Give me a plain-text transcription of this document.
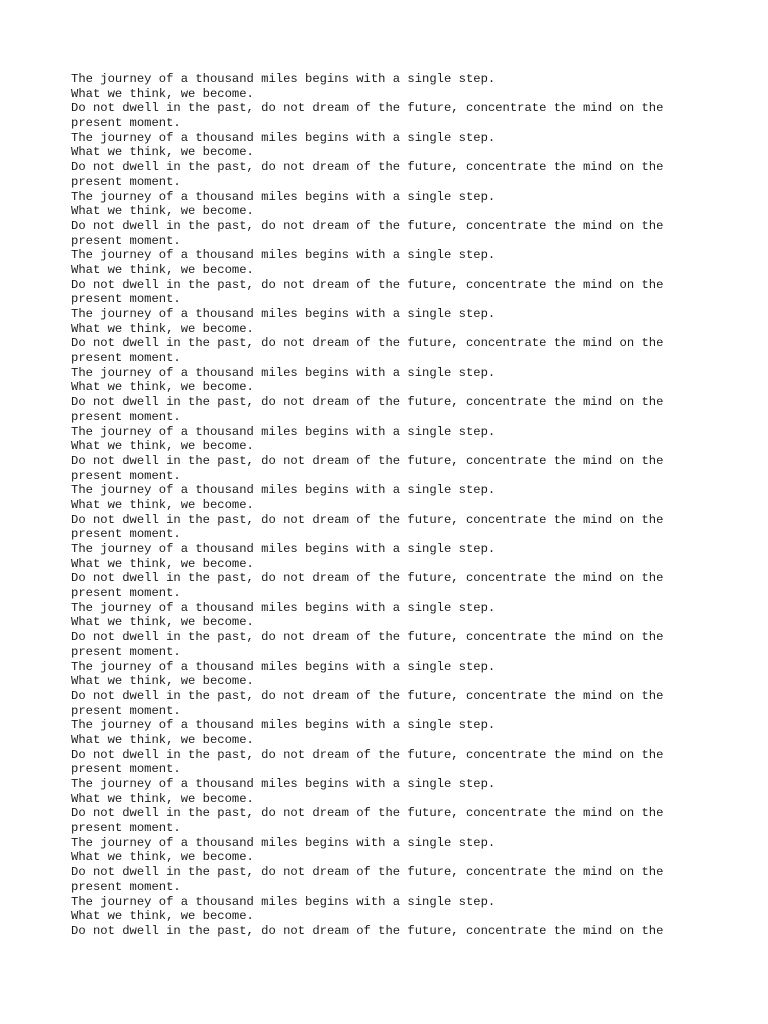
The journey of a thousand miles begins with a single step.
What we think, we become.
Do not dwell in the past, do not dream of the future, concentrate the mind on the
present moment.
The journey of a thousand miles begins with a single step.
What we think, we become.
Do not dwell in the past, do not dream of the future, concentrate the mind on the
present moment.
The journey of a thousand miles begins with a single step.
What we think, we become.
Do not dwell in the past, do not dream of the future, concentrate the mind on the
present moment.
The journey of a thousand miles begins with a single step.
What we think, we become.
Do not dwell in the past, do not dream of the future, concentrate the mind on the
present moment.
The journey of a thousand miles begins with a single step.
What we think, we become.
Do not dwell in the past, do not dream of the future, concentrate the mind on the
present moment.
The journey of a thousand miles begins with a single step.
What we think, we become.
Do not dwell in the past, do not dream of the future, concentrate the mind on the
present moment.
The journey of a thousand miles begins with a single step.
What we think, we become.
Do not dwell in the past, do not dream of the future, concentrate the mind on the
present moment.
The journey of a thousand miles begins with a single step.
What we think, we become.
Do not dwell in the past, do not dream of the future, concentrate the mind on the
present moment.
The journey of a thousand miles begins with a single step.
What we think, we become.
Do not dwell in the past, do not dream of the future, concentrate the mind on the
present moment.
The journey of a thousand miles begins with a single step.
What we think, we become.
Do not dwell in the past, do not dream of the future, concentrate the mind on the
present moment.
The journey of a thousand miles begins with a single step.
What we think, we become.
Do not dwell in the past, do not dream of the future, concentrate the mind on the
present moment.
The journey of a thousand miles begins with a single step.
What we think, we become.
Do not dwell in the past, do not dream of the future, concentrate the mind on the
present moment.
The journey of a thousand miles begins with a single step.
What we think, we become.
Do not dwell in the past, do not dream of the future, concentrate the mind on the
present moment.
The journey of a thousand miles begins with a single step.
What we think, we become.
Do not dwell in the past, do not dream of the future, concentrate the mind on the
present moment.
The journey of a thousand miles begins with a single step.
What we think, we become.
Do not dwell in the past, do not dream of the future, concentrate the mind on the
